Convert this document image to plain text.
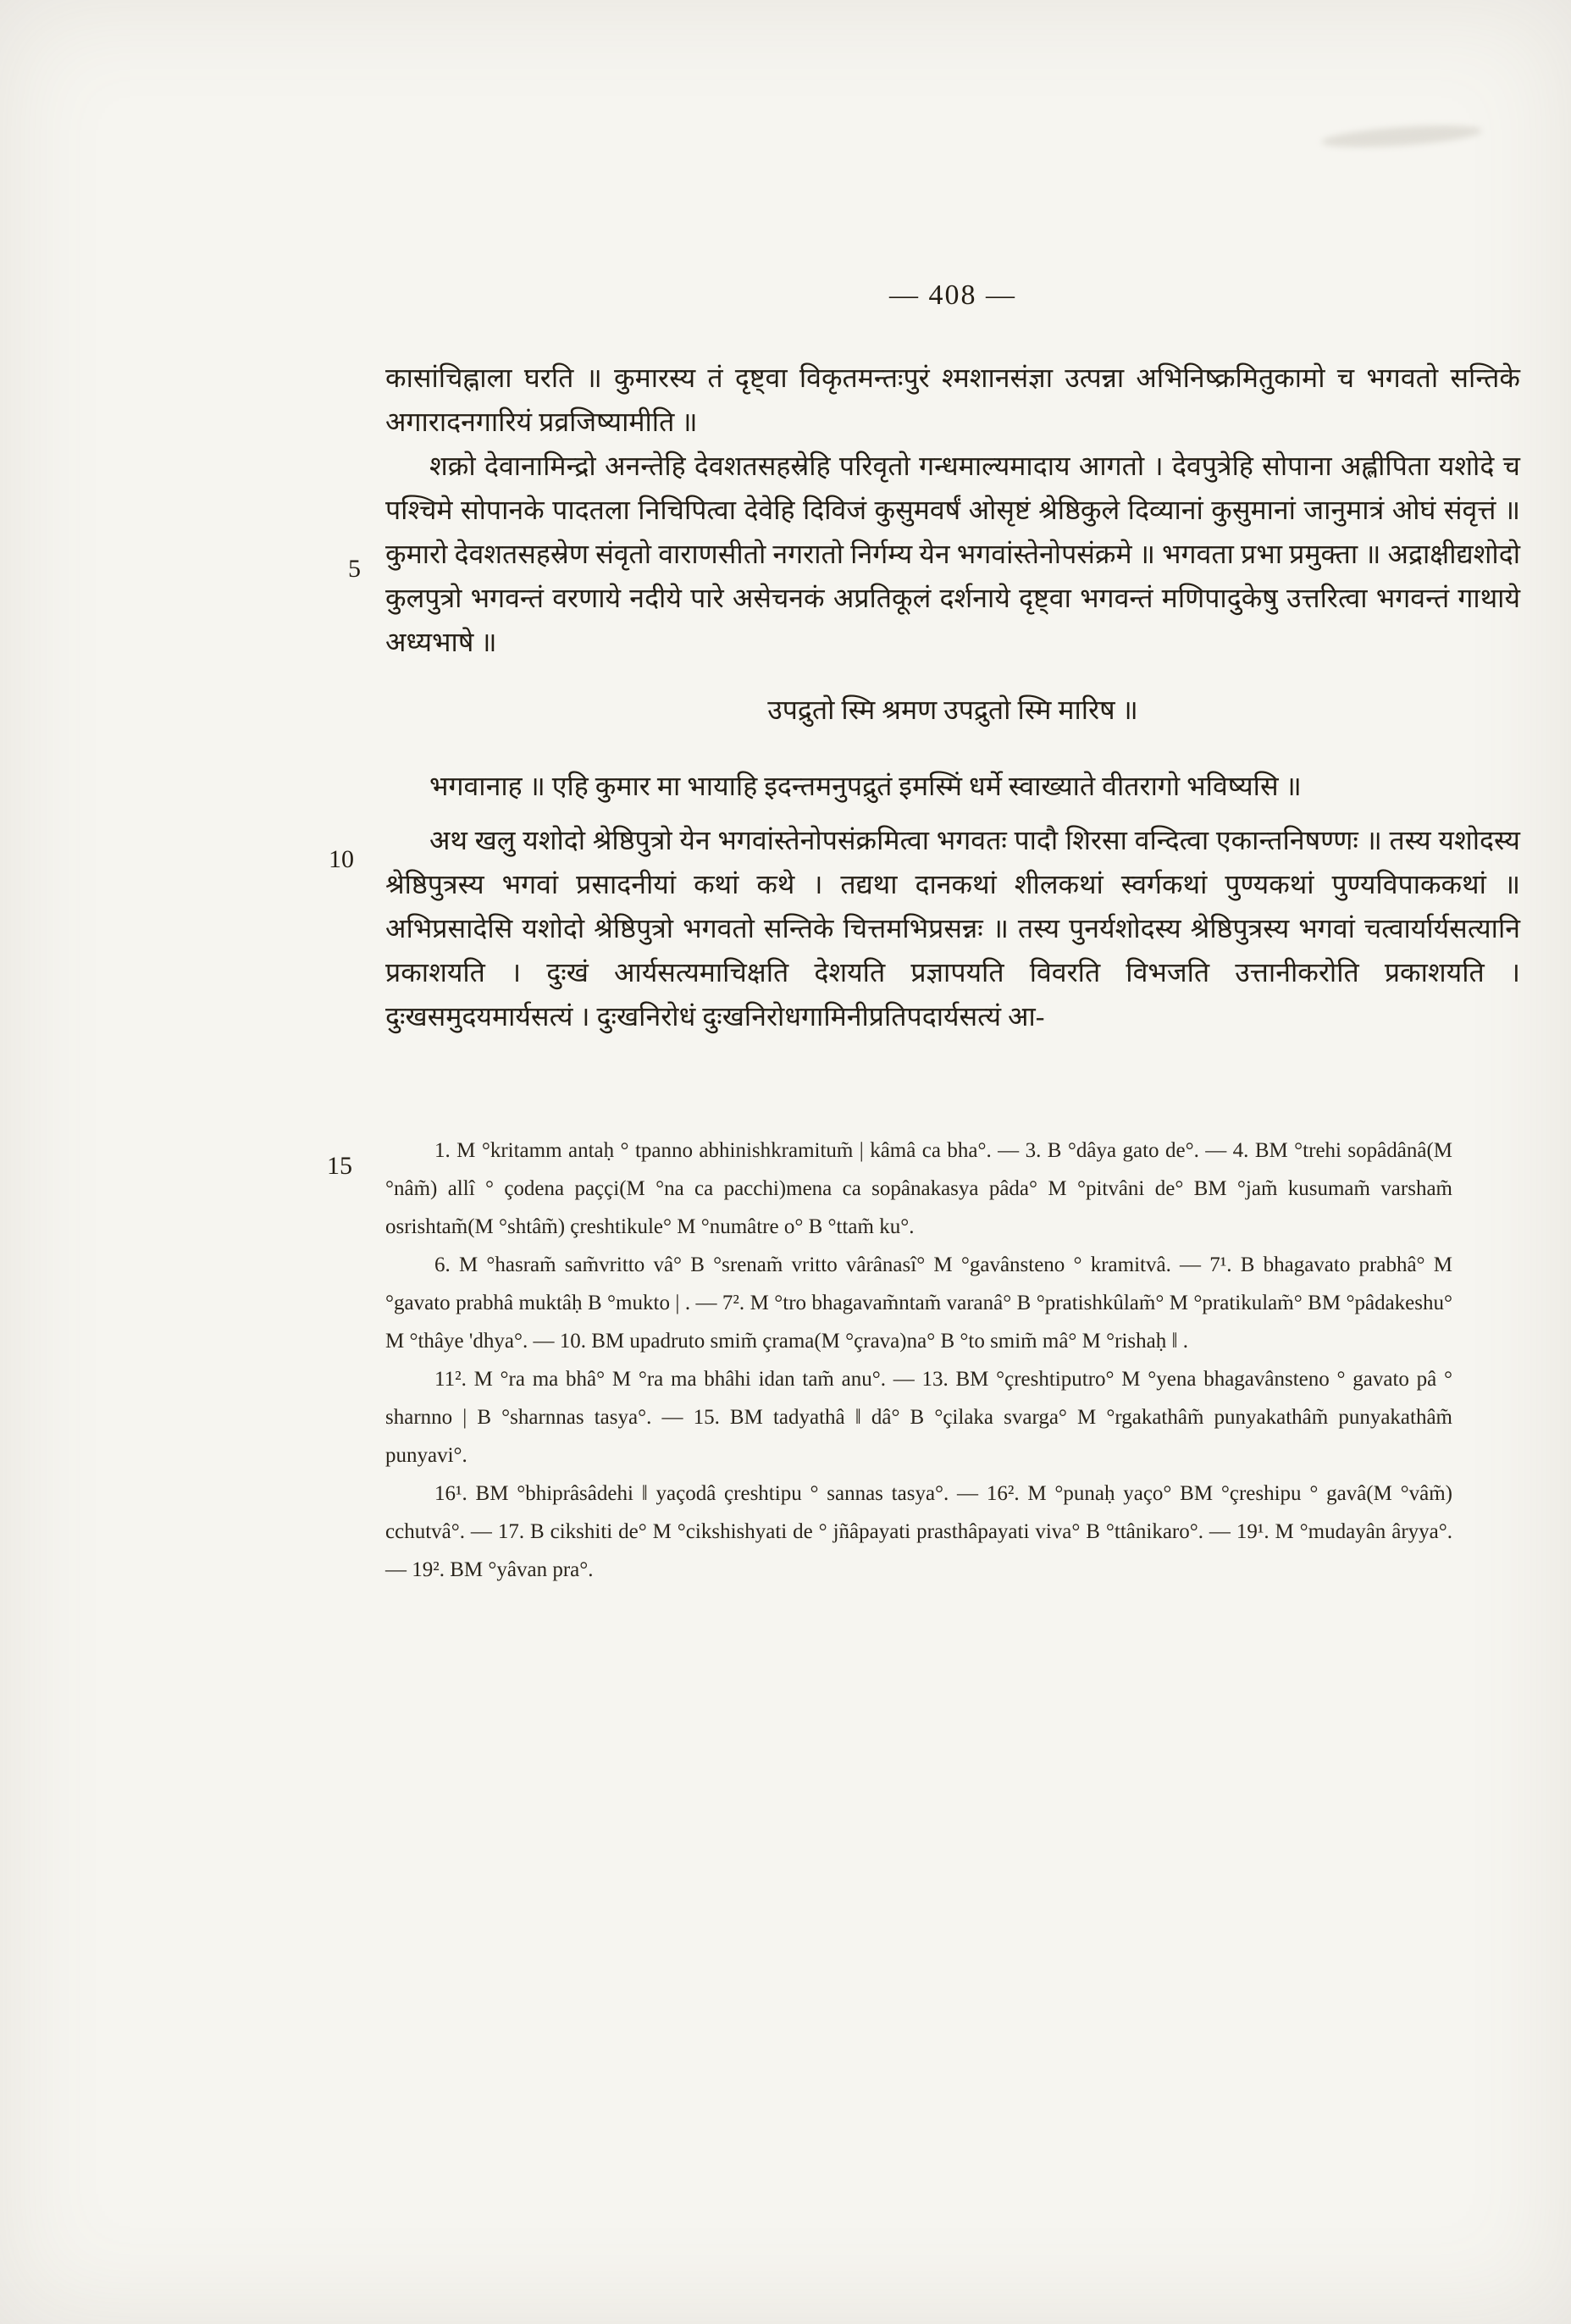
5
10
15
— 408 —

कासांचिह्नाला घरति ॥ कुमारस्य तं दृष्ट्वा विकृतमन्तःपुरं श्मशानसंज्ञा उत्पन्ना अभिनिष्क्रमितुकामो च भगवतो सन्तिके अगारादनगारियं प्रव्रजिष्यामीति ॥

शक्रो देवानामिन्द्रो अनन्तेहि देवशतसहस्रेहि परिवृतो गन्धमाल्यमादाय आगतो । देवपुत्रेहि सोपाना अह्लीपिता यशोदे च पश्चिमे सोपानके पादतला निचिपित्वा देवेहि दिविजं कुसुमवर्षं ओसृष्टं श्रेष्ठिकुले दिव्यानां कुसुमानां जानुमात्रं ओघं संवृत्तं ॥ कुमारो देवशतसहस्रेण संवृतो वाराणसीतो नगरातो निर्गम्य येन भगवांस्तेनोपसंक्रमे ॥ भगवता प्रभा प्रमुक्ता ॥ अद्राक्षीद्यशोदो कुलपुत्रो भगवन्तं वरणाये नदीये पारे असेचनकं अप्रतिकूलं दर्शनाये दृष्ट्वा भगवन्तं मणिपादुकेषु उत्तरित्वा भगवन्तं गाथाये अध्यभाषे ॥

उपद्रुतो स्मि श्रमण उपद्रुतो स्मि मारिष ॥

भगवानाह ॥ एहि कुमार मा भायाहि इदन्तमनुपद्रुतं इमस्मिं धर्मे स्वाख्याते वीतरागो भविष्यसि ॥

अथ खलु यशोदो श्रेष्ठिपुत्रो येन भगवांस्तेनोपसंक्रमित्वा भगवतः पादौ शिरसा वन्दित्वा एकान्तनिषण्णः ॥ तस्य यशोदस्य श्रेष्ठिपुत्रस्य भगवां प्रसादनीयां कथां कथे । तद्यथा दानकथां शीलकथां स्वर्गकथां पुण्यकथां पुण्यविपाककथां ॥ अभिप्रसादेसि यशोदो श्रेष्ठिपुत्रो भगवतो सन्तिके चित्तमभिप्रसन्नः ॥ तस्य पुनर्यशोदस्य श्रेष्ठिपुत्रस्य भगवां चत्वार्यार्यसत्यानि प्रकाशयति । दुःखं आर्यसत्यमाचिक्षति देशयति प्रज्ञापयति विवरति विभजति उत्तानीकरोति प्रकाशयति । दुःखसमुदयमार्यसत्यं । दुःखनिरोधं दुःखनिरोधगामिनीप्रतिपदार्यसत्यं आ-

1. M °kritamm antaḥ ° tpanno abhinishkramitum̃ | kâmâ ca bha°. — 3. B °dâya gato de°. — 4. BM °trehi sopâdânâ(M °nâm̃) allî ° çodena paççi(M °na ca pacchi)mena ca sopânakasya pâda° M °pitvâni de° BM °jam̃ kusumam̃ varsham̃ osrishtam̃(M °shtâm̃) çreshtikule° M °numâtre o° B °ttam̃ ku°.

6. M °hasram̃ sam̃vritto vâ° B °srenam̃ vritto vârânasî° M °gavânsteno ° kramitvâ. — 7¹. B bhagavato prabhâ° M °gavato prabhâ muktâḥ B °mukto | . — 7². M °tro bhagavam̃ntam̃ varanâ° B °pratishkûlam̃° M °pratikulam̃° BM °pâdakeshu° M °thâye 'dhya°. — 10. BM upadruto smim̃ çrama(M °çrava)na° B °to smim̃ mâ° M °rishaḥ ‖ .

11². M °ra ma bhâ° M °ra ma bhâhi idan tam̃ anu°. — 13. BM °çreshtiputro° M °yena bhagavânsteno ° gavato pâ ° sharnno | B °sharnnas tasya°. — 15. BM tadyathâ ‖ dâ° B °çilaka svarga° M °rgakathâm̃ punyakathâm̃ punyakathâm̃ punyavi°.

16¹. BM °bhiprâsâdehi ‖ yaçodâ çreshtipu ° sannas tasya°. — 16². M °punaḥ yaço° BM °çreshipu ° gavâ(M °vâm̃) cchutvâ°. — 17. B cikshiti de° M °cikshishyati de ° jñâpayati prasthâpayati viva° B °ttânikaro°. — 19¹. M °mudayân âryya°. — 19². BM °yâvan pra°.
